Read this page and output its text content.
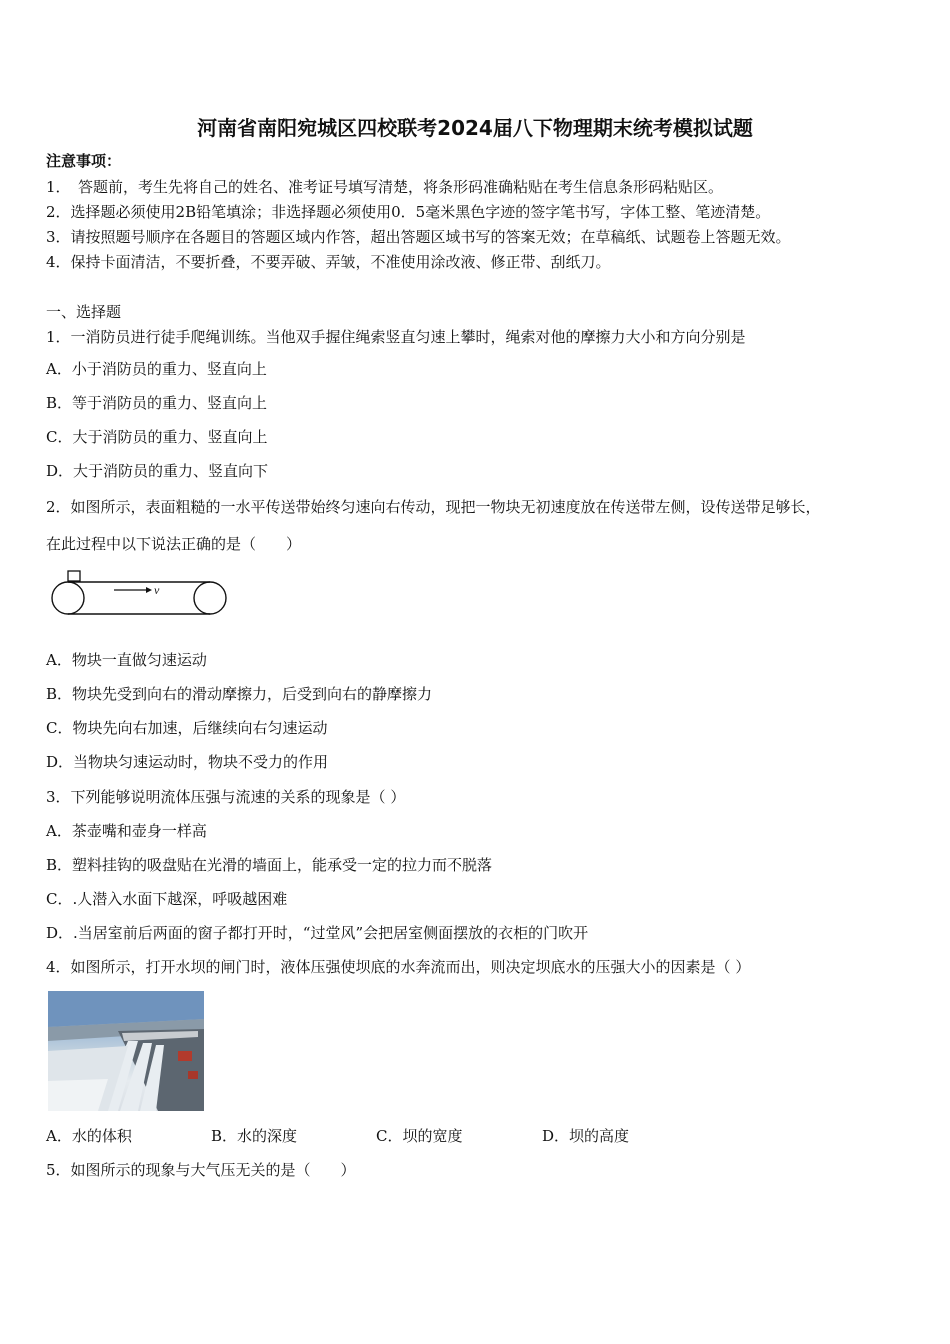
河南省南阳宛城区四校联考2024届八下物理期末统考模拟试题
注意事项：
1．　答题前，考生先将自己的姓名、准考证号填写清楚，将条形码准确粘贴在考生信息条形码粘贴区。
2．选择题必须使用2B铅笔填涂；非选择题必须使用0．5毫米黑色字迹的签字笔书写，字体工整、笔迹清楚。
3．请按照题号顺序在各题目的答题区域内作答，超出答题区域书写的答案无效；在草稿纸、试题卷上答题无效。
4．保持卡面清洁，不要折叠，不要弄破、弄皱，不准使用涂改液、修正带、刮纸刀。
一、选择题
1．一消防员进行徒手爬绳训练。当他双手握住绳索竖直匀速上攀时，绳索对他的摩擦力大小和方向分别是
A．小于消防员的重力、竖直向上
B．等于消防员的重力、竖直向上
C．大于消防员的重力、竖直向上
D．大于消防员的重力、竖直向下
2．如图所示，表面粗糙的一水平传送带始终匀速向右传动，现把一物块无初速度放在传送带左侧，设传送带足够长，
在此过程中以下说法正确的是（　　）
v
A．物块一直做匀速运动
B．物块先受到向右的滑动摩擦力，后受到向右的静摩擦力
C．物块先向右加速，后继续向右匀速运动
D．当物块匀速运动时，物块不受力的作用
3．下列能够说明流体压强与流速的关系的现象是（ ）
A．茶壶嘴和壶身一样高
B．塑料挂钩的吸盘贴在光滑的墙面上，能承受一定的拉力而不脱落
C．.人潜入水面下越深，呼吸越困难
D．.当居室前后两面的窗子都打开时，“过堂风”会把居室侧面摆放的衣柜的门吹开
4．如图所示，打开水坝的闸门时，液体压强使坝底的水奔流而出，则决定坝底水的压强大小的因素是（ ）
A．水的体积	B．水的深度	C．坝的宽度	D．坝的高度
5．如图所示的现象与大气压无关的是（　　）
